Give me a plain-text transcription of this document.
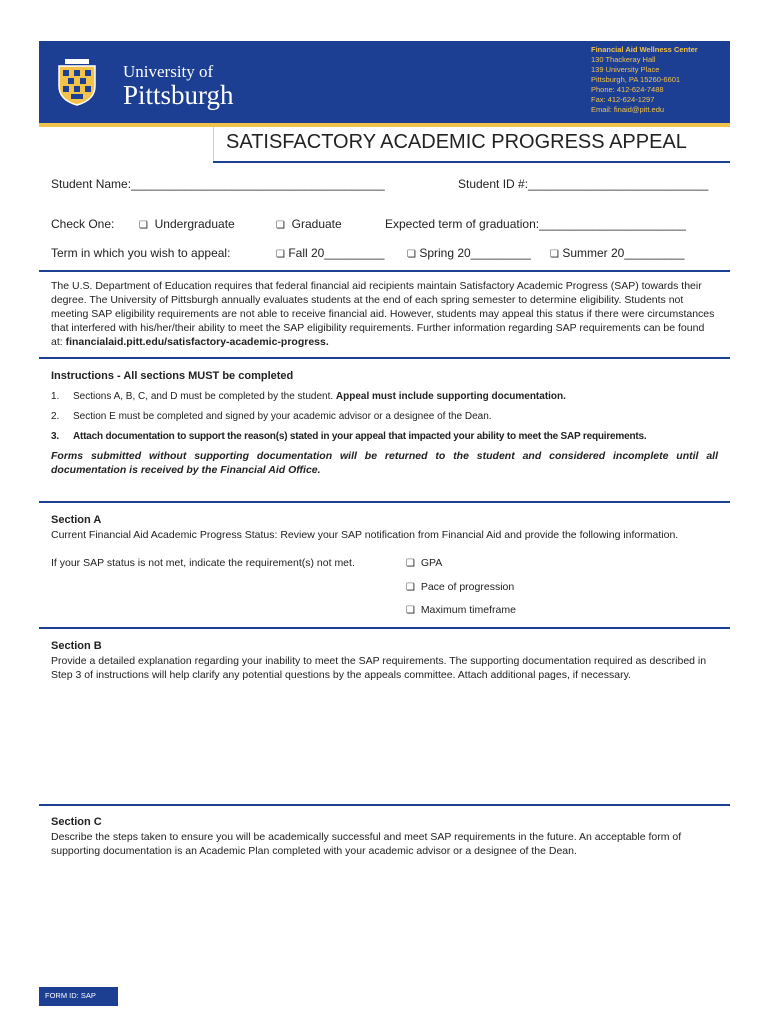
University of
Pittsburgh
Financial Aid Wellness Center
130 Thackeray Hall
139 University Place
Pittsburgh, PA 15260-6601
Phone: 412-624-7488
Fax: 412-624-1297
Email: finaid@pitt.edu
SATISFACTORY ACADEMIC PROGRESS APPEAL
Student Name:______________________________________	Student ID #:___________________________
Check One: ❏ Undergraduate	❏ Graduate	Expected term of graduation:______________________
Term in which you wish to appeal:	❏ Fall 20_________ ❏ Spring 20_________ ❏ Summer 20_________
The U.S. Department of Education requires that federal financial aid recipients maintain Satisfactory Academic Progress (SAP) towards their degree. The University of Pittsburgh annually evaluates students at the end of each spring semester to determine eligibility. Students not meeting SAP eligibility requirements are not able to receive financial aid. However, students may appeal this status if there were circumstances that interfered with his/her/their ability to meet the SAP eligibility requirements. Further information regarding SAP requirements can be found at: financialaid.pitt.edu/satisfactory-academic-progress.
Instructions - All sections MUST be completed
1. Sections A, B, C, and D must be completed by the student. Appeal must include supporting documentation.
2. Section E must be completed and signed by your academic advisor or a designee of the Dean.
3. Attach documentation to support the reason(s) stated in your appeal that impacted your ability to meet the SAP requirements.
Forms submitted without supporting documentation will be returned to the student and considered incomplete until all documentation is received by the Financial Aid Office.
Section A
Current Financial Aid Academic Progress Status: Review your SAP notification from Financial Aid and provide the following information.
If your SAP status is not met, indicate the requirement(s) not met.	❏ GPA
❏ Pace of progression
❏ Maximum timeframe
Section B
Provide a detailed explanation regarding your inability to meet the SAP requirements. The supporting documentation required as described in Step 3 of instructions will help clarify any potential questions by the appeals committee. Attach additional pages, if necessary.
Section C
Describe the steps taken to ensure you will be academically successful and meet SAP requirements in the future. An acceptable form of supporting documentation is an Academic Plan completed with your academic advisor or a designee of the Dean.
FORM ID: SAP
